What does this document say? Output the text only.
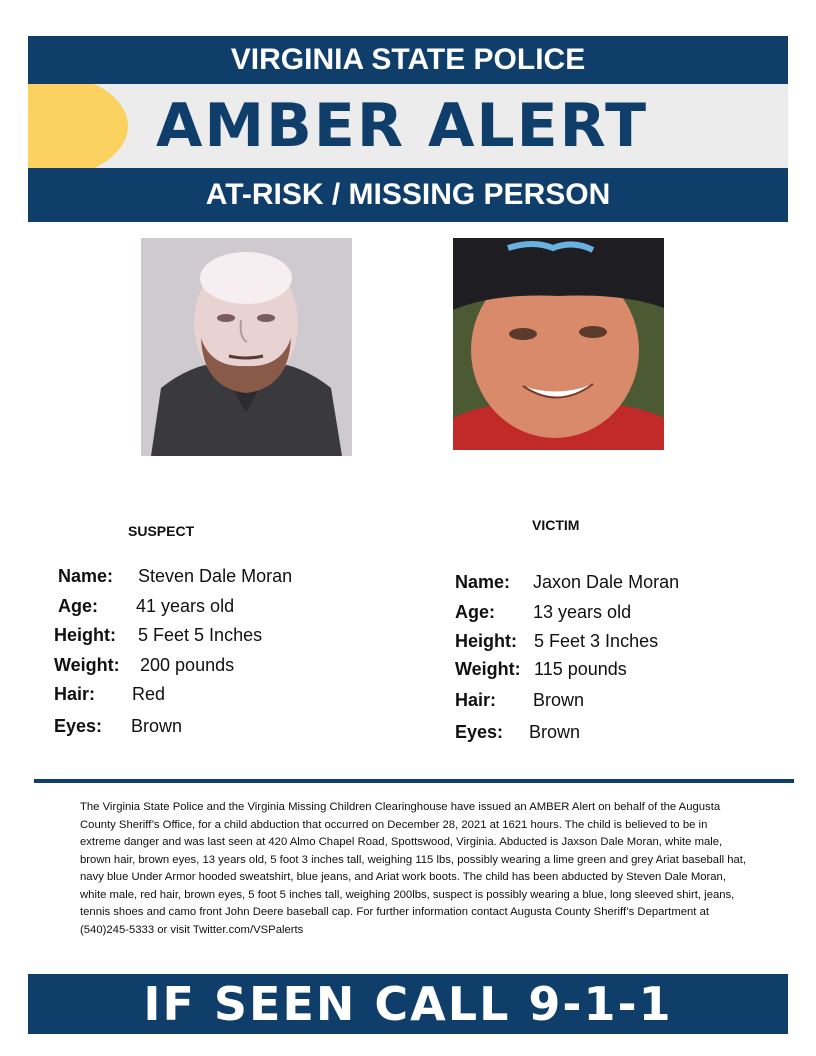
VIRGINIA STATE POLICE
AMBER ALERT
AT-RISK / MISSING PERSON
SUSPECT	VICTIM
Name: Steven Dale Moran
Age: 41 years old
Height: 5 Feet 5 Inches
Weight: 200 pounds
Hair: Red
Eyes: Brown
Name: Jaxon Dale Moran
Age: 13 years old
Height: 5 Feet 3 Inches
Weight: 115 pounds
Hair: Brown
Eyes: Brown
The Virginia State Police and the Virginia Missing Children Clearinghouse have issued an AMBER Alert on behalf of the Augusta County Sheriff’s Office, for a child abduction that occurred on December 28, 2021 at 1621 hours. The child is believed to be in extreme danger and was last seen at 420 Almo Chapel Road, Spottswood, Virginia. Abducted is Jaxson Dale Moran, white male, brown hair, brown eyes, 13 years old, 5 foot 3 inches tall, weighing 115 lbs, possibly wearing a lime green and grey Ariat baseball hat, navy blue Under Armor hooded sweatshirt, blue jeans, and Ariat work boots. The child has been abducted by Steven Dale Moran, white male, red hair, brown eyes, 5 foot 5 inches tall, weighing 200lbs, suspect is possibly wearing a blue, long sleeved shirt, jeans, tennis shoes and camo front John Deere baseball cap. For further information contact Augusta County Sheriff’s Department at (540)245-5333 or visit Twitter.com/VSPalerts
IF SEEN CALL 9-1-1
